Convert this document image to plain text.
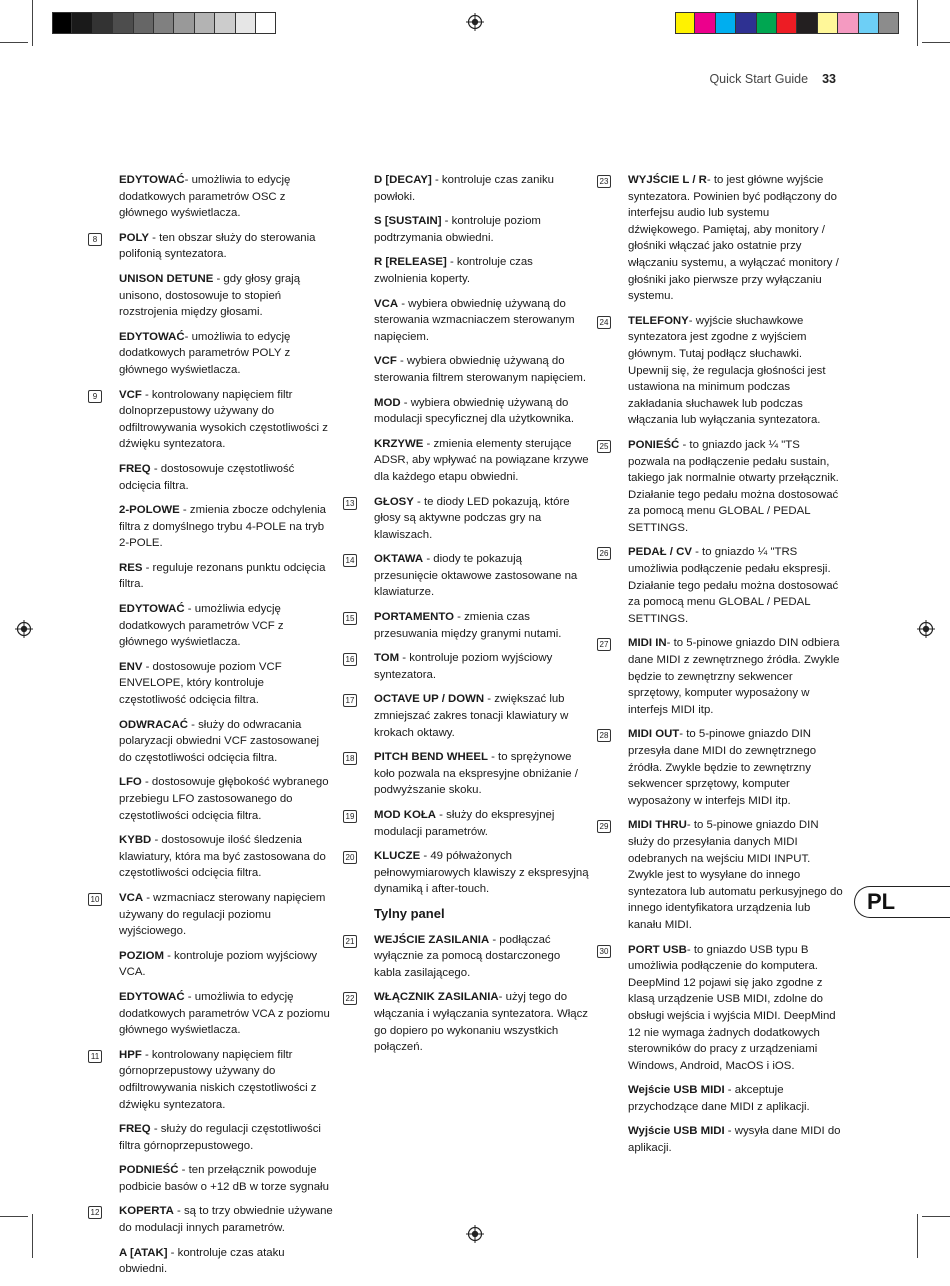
Quick Start Guide 33
EDYTOWAĆ- umożliwia to edycję dodatkowych parametrów OSC z głównego wyświetlacza.
8	POLY - ten obszar służy do sterowania polifonią syntezatora.
UNISON DETUNE - gdy głosy grają unisono, dostosowuje to stopień rozstrojenia między głosami.
EDYTOWAĆ- umożliwia to edycję dodatkowych parametrów POLY z głównego wyświetlacza.
9	VCF - kontrolowany napięciem filtr dolnoprzepustowy używany do odfiltrowywania wysokich częstotliwości z dźwięku syntezatora.
FREQ - dostosowuje częstotliwość odcięcia filtra.
2-POLOWE - zmienia zbocze odchylenia filtra z domyślnego trybu 4-POLE na tryb 2-POLE.
RES - reguluje rezonans punktu odcięcia filtra.
EDYTOWAĆ - umożliwia edycję dodatkowych parametrów VCF z głównego wyświetlacza.
ENV - dostosowuje poziom VCF ENVELOPE, który kontroluje częstotliwość odcięcia filtra.
ODWRACAĆ - służy do odwracania polaryzacji obwiedni VCF zastosowanej do częstotliwości odcięcia filtra.
LFO - dostosowuje głębokość wybranego przebiegu LFO zastosowanego do częstotliwości odcięcia filtra.
KYBD - dostosowuje ilość śledzenia klawiatury, która ma być zastosowana do częstotliwości odcięcia filtra.
10 VCA - wzmacniacz sterowany napięciem używany do regulacji poziomu wyjściowego.
POZIOM - kontroluje poziom wyjściowy VCA.
EDYTOWAĆ - umożliwia to edycję dodatkowych parametrów VCA z poziomu głównego wyświetlacza.
11 HPF - kontrolowany napięciem filtr górnoprzepustowy używany do odfiltrowywania niskich częstotliwości z dźwięku syntezatora.
FREQ - służy do regulacji częstotliwości filtra górnoprzepustowego.
PODNIEŚĆ - ten przełącznik powoduje podbicie basów o +12 dB w torze sygnału
12 KOPERTA - są to trzy obwiednie używane do modulacji innych parametrów.
A [ATAK] - kontroluje czas ataku obwiedni.
D [DECAY] - kontroluje czas zaniku powłoki.
S [SUSTAIN] - kontroluje poziom podtrzymania obwiedni.
R [RELEASE] - kontroluje czas zwolnienia koperty.
VCA - wybiera obwiednię używaną do sterowania wzmacniaczem sterowanym napięciem.
VCF - wybiera obwiednię używaną do sterowania filtrem sterowanym napięciem.
MOD - wybiera obwiednię używaną do modulacji specyficznej dla użytkownika.
KRZYWE - zmienia elementy sterujące ADSR, aby wpływać na powiązane krzywe dla każdego etapu obwiedni.
13 GŁOSY - te diody LED pokazują, które głosy są aktywne podczas gry na klawiszach.
14 OKTAWA - diody te pokazują przesunięcie oktawowe zastosowane na klawiaturze.
15 PORTAMENTO - zmienia czas przesuwania między granymi nutami.
16 TOM - kontroluje poziom wyjściowy syntezatora.
17 OCTAVE UP / DOWN - zwiększać lub zmniejszać zakres tonacji klawiatury w krokach oktawy.
18 PITCH BEND WHEEL - to sprężynowe koło pozwala na ekspresyjne obniżanie / podwyższanie skoku.
19 MOD KOŁA - służy do ekspresyjnej modulacji parametrów.
20 KLUCZE - 49 półważonych pełnowymiarowych klawiszy z ekspresyjną dynamiką i after-touch.
Tylny panel
21 WEJŚCIE ZASILANIA - podłączać wyłącznie za pomocą dostarczonego kabla zasilającego.
22 WŁĄCZNIK ZASILANIA- użyj tego do włączania i wyłączania syntezatora. Włącz go dopiero po wykonaniu wszystkich połączeń.
23 WYJŚCIE L / R- to jest główne wyjście syntezatora. Powinien być podłączony do interfejsu audio lub systemu dźwiękowego. Pamiętaj, aby monitory / głośniki włączać jako ostatnie przy włączaniu systemu, a wyłączać monitory / głośniki jako pierwsze przy wyłączaniu systemu.
24 TELEFONY- wyjście słuchawkowe syntezatora jest zgodne z wyjściem głównym. Tutaj podłącz słuchawki. Upewnij się, że regulacja głośności jest ustawiona na minimum podczas zakładania słuchawek lub podczas włączania lub wyłączania syntezatora.
25 PONIEŚĆ - to gniazdo jack ¼ "TS pozwala na podłączenie pedału sustain, takiego jak normalnie otwarty przełącznik. Działanie tego pedału można dostosować za pomocą menu GLOBAL / PEDAL SETTINGS.
26 PEDAŁ / CV - to gniazdo ¼ "TRS umożliwia podłączenie pedału ekspresji. Działanie tego pedału można dostosować za pomocą menu GLOBAL / PEDAL SETTINGS.
27 MIDI IN- to 5-pinowe gniazdo DIN odbiera dane MIDI z zewnętrznego źródła. Zwykle będzie to zewnętrzny sekwencer sprzętowy, komputer wyposażony w interfejs MIDI itp.
28 MIDI OUT- to 5-pinowe gniazdo DIN przesyła dane MIDI do zewnętrznego źródła. Zwykle będzie to zewnętrzny sekwencer sprzętowy, komputer wyposażony w interfejs MIDI itp.
29 MIDI THRU- to 5-pinowe gniazdo DIN służy do przesyłania danych MIDI odebranych na wejściu MIDI INPUT. Zwykle jest to wysyłane do innego syntezatora lub automatu perkusyjnego do innego identyfikatora urządzenia lub kanału MIDI.
30 PORT USB- to gniazdo USB typu B umożliwia podłączenie do komputera. DeepMind 12 pojawi się jako zgodne z klasą urządzenie USB MIDI, zdolne do obsługi wejścia i wyjścia MIDI. DeepMind 12 nie wymaga żadnych dodatkowych sterowników do pracy z urządzeniami Windows, Android, MacOS i iOS.
Wejście USB MIDI - akceptuje przychodzące dane MIDI z aplikacji.
Wyjście USB MIDI - wysyła dane MIDI do aplikacji.
PL
